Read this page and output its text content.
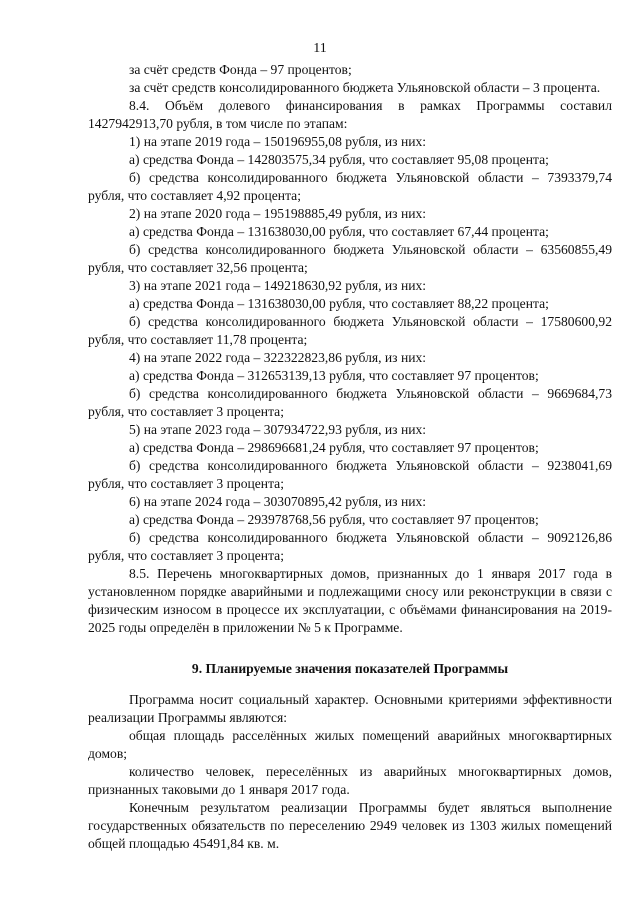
11

за счёт средств Фонда – 97 процентов;

за счёт средств консолидированного бюджета Ульяновской области – 3 процента.

8.4. Объём долевого финансирования в рамках Программы составил 1427942913,70 рубля, в том числе по этапам:

1) на этапе 2019 года – 150196955,08 рубля, из них:

а) средства Фонда – 142803575,34 рубля, что составляет 95,08 процента;

б) средства консолидированного бюджета Ульяновской области – 7393379,74 рубля, что составляет 4,92 процента;

2) на этапе 2020 года – 195198885,49 рубля, из них:

а) средства Фонда – 131638030,00 рубля, что составляет 67,44 процента;

б) средства консолидированного бюджета Ульяновской области – 63560855,49 рубля, что составляет 32,56 процента;

3) на этапе 2021 года – 149218630,92 рубля, из них:

а) средства Фонда – 131638030,00 рубля, что составляет 88,22 процента;

б) средства консолидированного бюджета Ульяновской области – 17580600,92 рубля, что составляет 11,78 процента;

4) на этапе 2022 года – 322322823,86 рубля, из них:

а) средства Фонда – 312653139,13 рубля, что составляет 97 процентов;

б) средства консолидированного бюджета Ульяновской области – 9669684,73 рубля, что составляет 3 процента;

5) на этапе 2023 года – 307934722,93 рубля, из них:

а) средства Фонда – 298696681,24 рубля, что составляет 97 процентов;

б) средства консолидированного бюджета Ульяновской области – 9238041,69 рубля, что составляет 3 процента;

6) на этапе 2024 года – 303070895,42 рубля, из них:

а) средства Фонда – 293978768,56 рубля, что составляет 97 процентов;

б) средства консолидированного бюджета Ульяновской области – 9092126,86 рубля, что составляет 3 процента;

8.5. Перечень многоквартирных домов, признанных до 1 января 2017 года в установленном порядке аварийными и подлежащими сносу или реконструкции в связи с физическим износом в процессе их эксплуатации, с объёмами финансирования на 2019-2025 годы определён в приложении № 5 к Программе.

9. Планируемые значения показателей Программы

Программа носит социальный характер. Основными критериями эффективности реализации Программы являются:

общая площадь расселённых жилых помещений аварийных многоквартирных домов;

количество человек, переселённых из аварийных многоквартирных домов, признанных таковыми до 1 января 2017 года.

Конечным результатом реализации Программы будет являться выполнение государственных обязательств по переселению 2949 человек из 1303 жилых помещений общей площадью 45491,84 кв. м.
